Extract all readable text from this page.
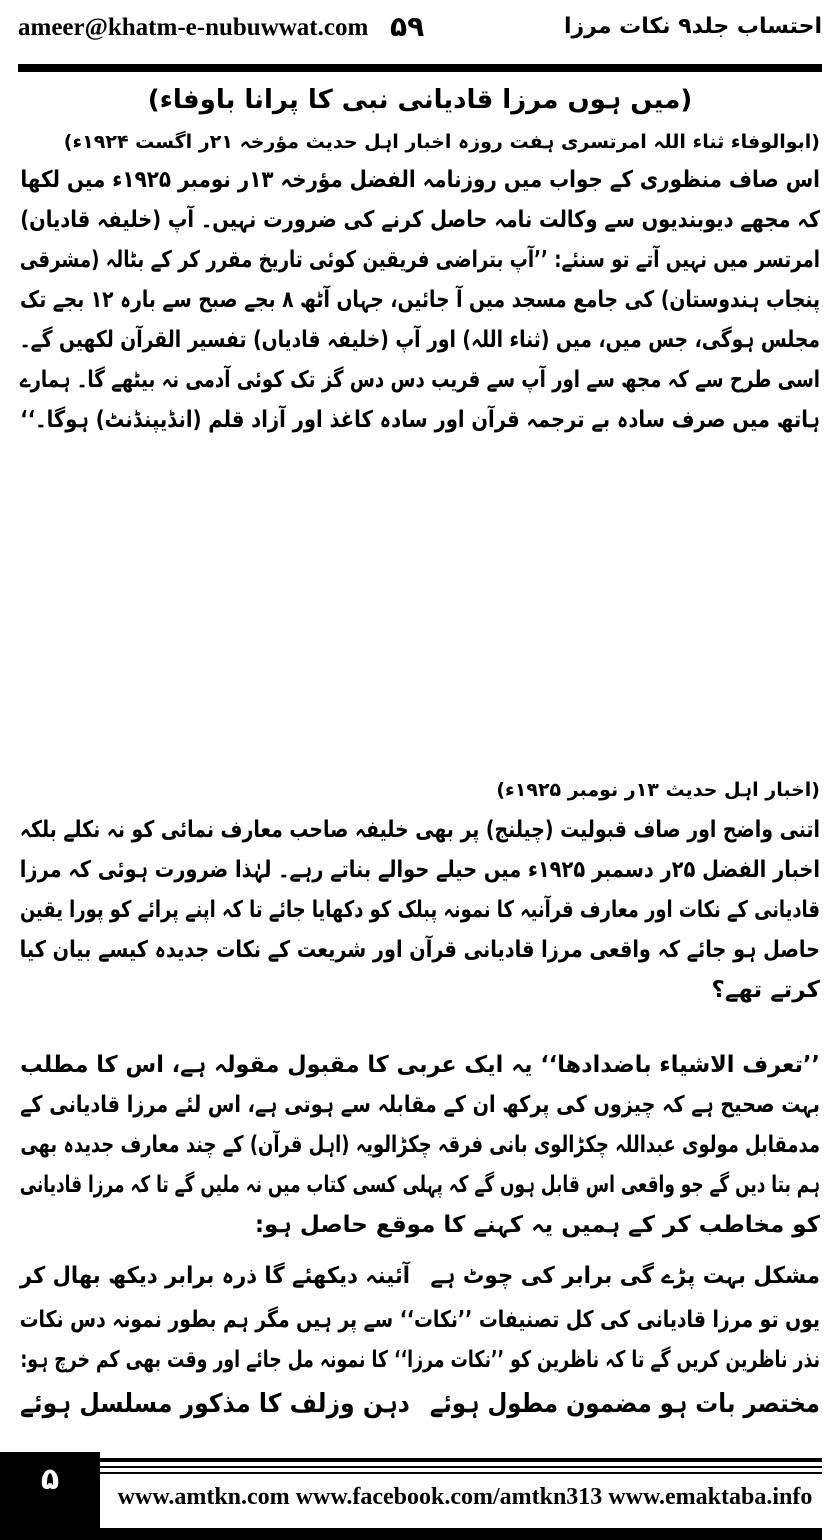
ameer@khatm-e-nubuwwat.com ۵۹	احتساب جلد۹ نکات مرزا
(میں ہوں مرزا قادیانی نبی کا پرانا باوفاء)
(ابوالوفاء ثناء اللہ امرتسری ہفت روزہ اخبار اہل حدیث مؤرخہ ۲۱ر اگست ۱۹۲۴ء)
اس صاف منظوری کے جواب میں روزنامہ الفضل مؤرخہ ۱۳ر نومبر ۱۹۲۵ء میں لکھا
کہ مجھے دیوبندیوں سے وکالت نامہ حاصل کرنے کی ضرورت نہیں۔ آپ (خلیفہ قادیان)
امرتسر میں نہیں آتے تو سنئے: ’’آپ بتراضی فریقین کوئی تاریخ مقرر کر کے بٹالہ (مشرقی
پنجاب ہندوستان) کی جامع مسجد میں آ جائیں، جہاں آٹھ ۸ بجے صبح سے بارہ ۱۲ بجے تک
مجلس ہوگی، جس میں، میں (ثناء اللہ) اور آپ (خلیفہ قادیاں) تفسیر القرآن لکھیں گے۔
اسی طرح سے کہ مجھ سے اور آپ سے قریب دس دس گز تک کوئی آدمی نہ بیٹھے گا۔ ہمارے
ہاتھ میں صرف سادہ بے ترجمہ قرآن اور سادہ کاغذ اور آزاد قلم (انڈیپنڈنٹ) ہوگا۔‘‘
(اخبار اہل حدیث ۱۳ر نومبر ۱۹۲۵ء)
اتنی واضح اور صاف قبولیت (چیلنج) پر بھی خلیفہ صاحب معارف نمائی کو نہ نکلے بلکہ
اخبار الفضل ۲۵ر دسمبر ۱۹۲۵ء میں حیلے حوالے بناتے رہے۔ لہٰذا ضرورت ہوئی کہ مرزا
قادیانی کے نکات اور معارف قرآنیہ کا نمونہ پبلک کو دکھایا جائے تا کہ اپنے پرائے کو پورا یقین
حاصل ہو جائے کہ واقعی مرزا قادیانی قرآن اور شریعت کے نکات جدیدہ کیسے بیان کیا
کرتے تھے؟
’’تعرف الاشیاء باضدادھا‘‘ یہ ایک عربی کا مقبول مقولہ ہے، اس کا مطلب
بہت صحیح ہے کہ چیزوں کی پرکھ ان کے مقابلہ سے ہوتی ہے، اس لئے مرزا قادیانی کے
مدمقابل مولوی عبداللہ چکڑالوی بانی فرقہ چکڑالویہ (اہل قرآن) کے چند معارف جدیدہ بھی
ہم بتا دیں گے جو واقعی اس قابل ہوں گے کہ پہلی کسی کتاب میں نہ ملیں گے تا کہ مرزا قادیانی
کو مخاطب کر کے ہمیں یہ کہنے کا موقع حاصل ہو:
مشکل بہت پڑے گی برابر کی چوٹ ہے
آئینہ دیکھئے گا ذرہ برابر دیکھ بھال کر
یوں تو مرزا قادیانی کی کل تصنیفات ’’نکات‘‘ سے پر ہیں مگر ہم بطور نمونہ دس نکات
نذر ناظرین کریں گے تا کہ ناظرین کو ’’نکات مرزا‘‘ کا نمونہ مل جائے اور وقت بھی کم خرچ ہو:
مختصر بات ہو مضمون مطول ہوئے
دہن وزلف کا مذکور مسلسل ہوئے
۵	www.amtkn.com www.facebook.com/amtkn313 www.emaktaba.info
